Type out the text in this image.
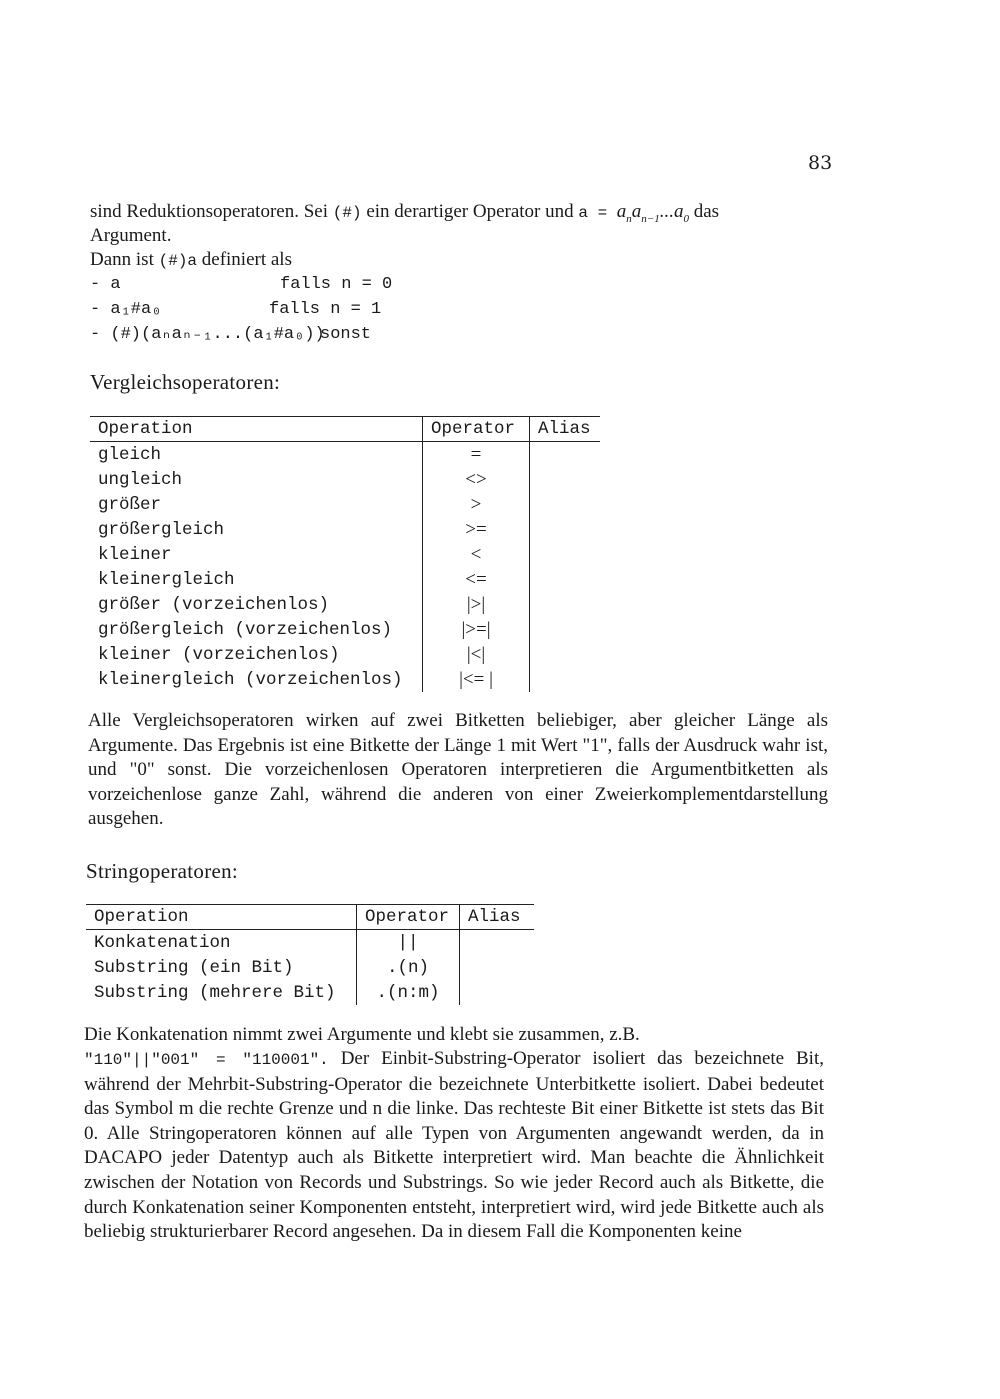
83
sind Reduktionsoperatoren. Sei (#) ein derartiger Operator und $a = a_na_{n-1}...a_0$ das
Argument.
Dann ist (#)a definiert als
- a	falls n = 0
- a₁#a₀	falls n = 1
- (#)(aₙaₙ₋₁...(a₁#a₀))
sonst
Vergleichsoperatoren:
Operation	Operator	Alias
gleich	=	
ungleich	<>	
größer	>	
größergleich	>=	
kleiner	<	
kleinergleich	<=	
größer (vorzeichenlos)	|>|	
größergleich (vorzeichenlos)	|>=|	
kleiner (vorzeichenlos)	|<|	
kleinergleich (vorzeichenlos)	|<= |	
Alle Vergleichsoperatoren wirken auf zwei Bitketten beliebiger, aber gleicher Länge als Argumente. Das Ergebnis ist eine Bitkette der Länge 1 mit Wert "1", falls der Ausdruck wahr ist, und "0" sonst. Die vorzeichenlosen Operatoren interpretieren die Argumentbitketten als vorzeichenlose ganze Zahl, während die anderen von einer Zweierkomplementdarstellung ausgehen.
Stringoperatoren:
Operation	Operator	Alias
Konkatenation	||	
Substring (ein Bit)	.(n)	
Substring (mehrere Bit)	.(n:m)	
Die Konkatenation nimmt zwei Argumente und klebt sie zusammen, z.B.
"110"||"001" = "110001". Der Einbit-Substring-Operator isoliert das bezeichnete Bit, während der Mehrbit-Substring-Operator die bezeichnete Unterbitkette isoliert. Dabei bedeutet das Symbol m die rechte Grenze und n die linke. Das rechteste Bit einer Bitkette ist stets das Bit 0. Alle Stringoperatoren können auf alle Typen von Argumenten angewandt werden, da in DACAPO jeder Datentyp auch als Bitkette interpretiert wird. Man beachte die Ähnlichkeit zwischen der Notation von Records und Substrings. So wie jeder Record auch als Bitkette, die durch Konkatenation seiner Komponenten entsteht, interpretiert wird, wird jede Bitkette auch als beliebig strukturierbarer Record angesehen. Da in diesem Fall die Komponenten keine
